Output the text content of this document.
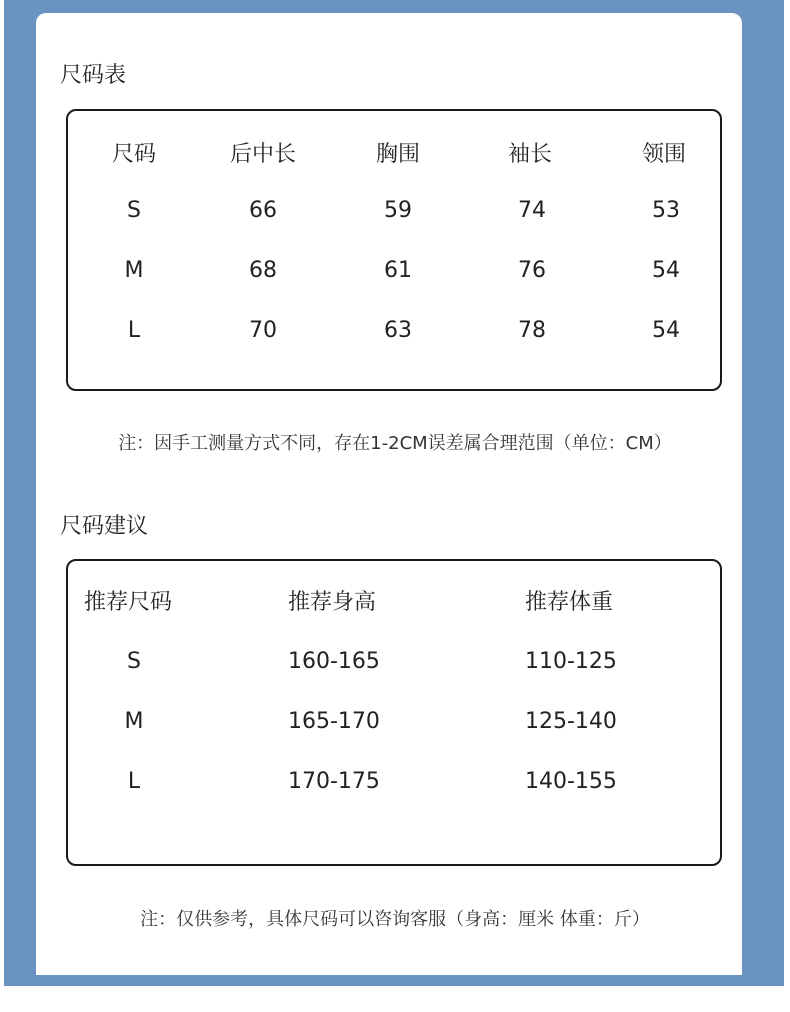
尺码表
尺码	后中长	胸围	袖长	领围
S	66	59	74	53
M	68	61	76	54
L	70	63	78	54
注：因手工测量方式不同，存在1-2CM误差属合理范围（单位：CM）
尺码建议
推荐尺码	推荐身高	推荐体重
S	160-165	110-125
M	165-170	125-140
L	170-175	140-155
注：仅供参考，具体尺码可以咨询客服（身高：厘米 体重：斤）
